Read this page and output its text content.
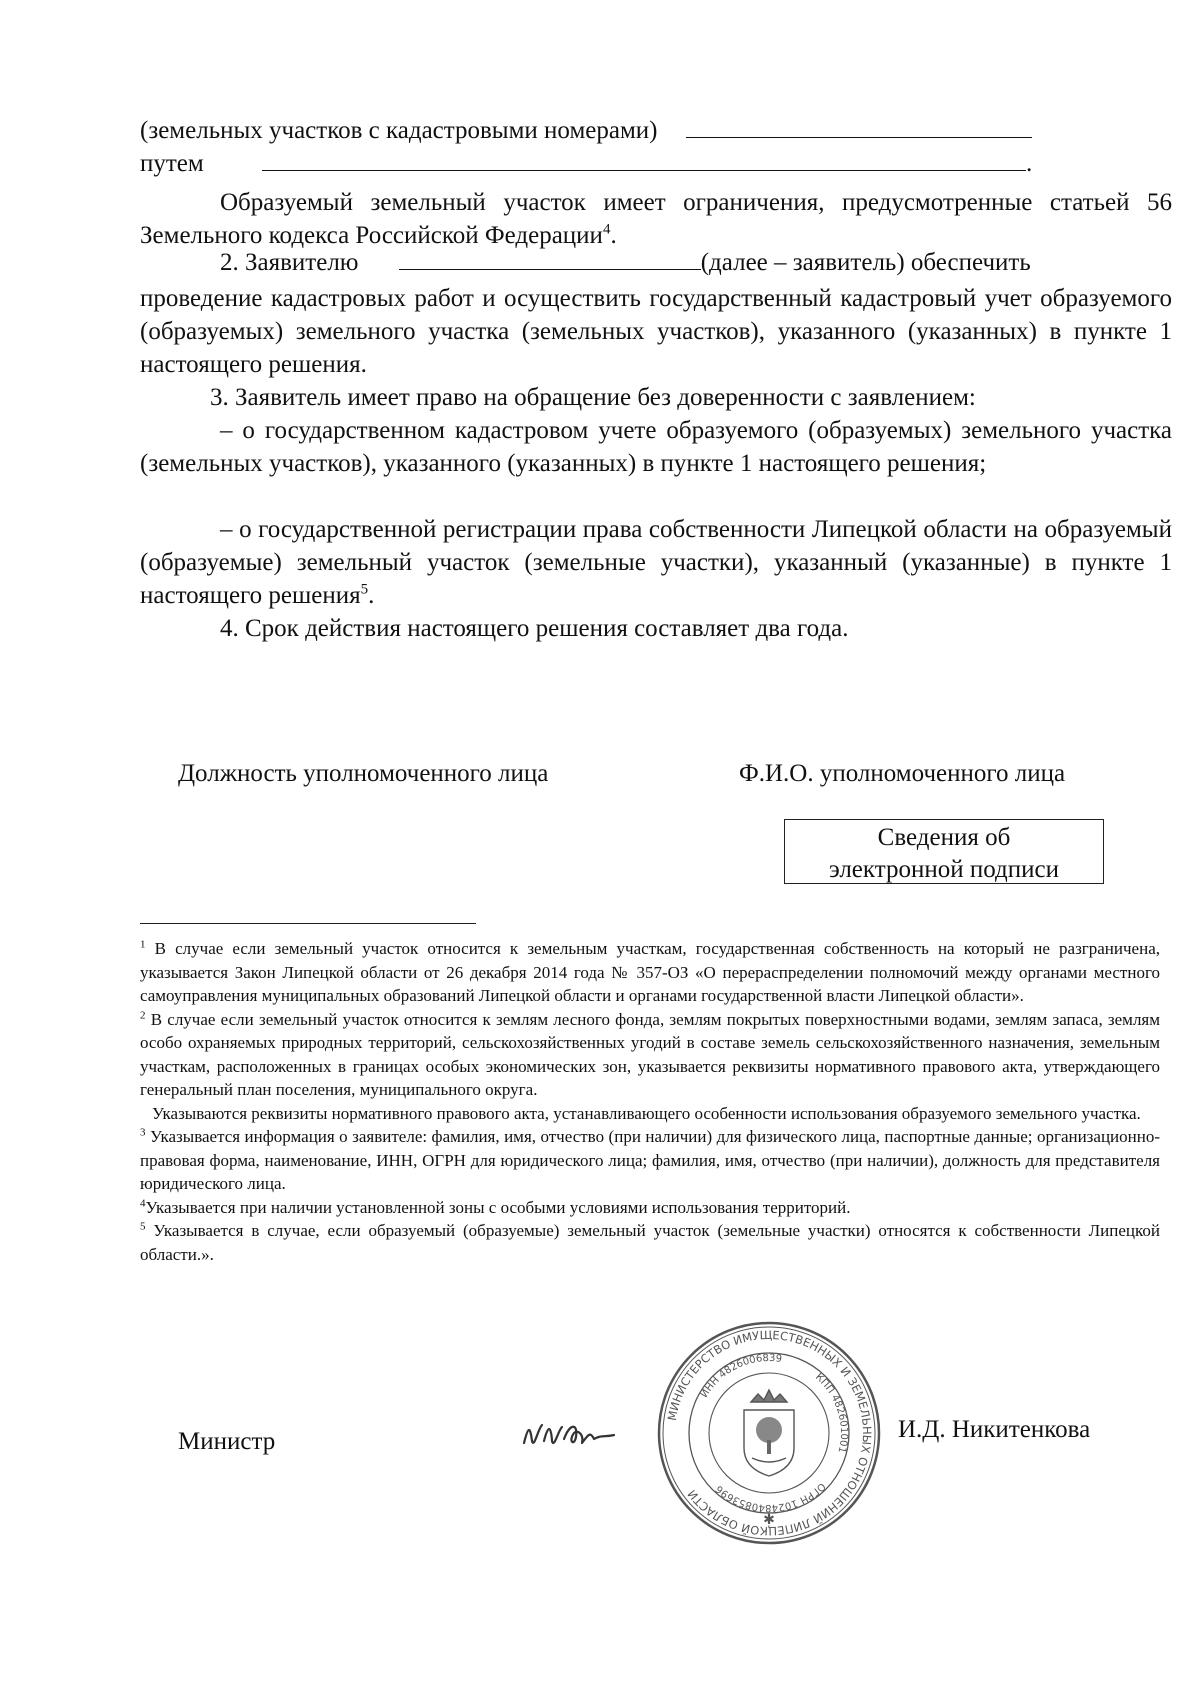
(земельных участков с кадастровыми номерами)
путем	.
Образуемый земельный участок имеет ограничения, предусмотренные статьей 56 Земельного кодекса Российской Федерации$^4$.
2. Заявителю	(далее – заявитель) обеспечить
проведение кадастровых работ и осуществить государственный кадастровый учет образуемого (образуемых) земельного участка (земельных участков), указанного (указанных) в пункте 1 настоящего решения.
3. Заявитель имеет право на обращение без доверенности с заявлением:
– о государственном кадастровом учете образуемого (образуемых) земельного участка (земельных участков), указанного (указанных) в пункте 1 настоящего решения;
– о государственной регистрации права собственности Липецкой области на образуемый (образуемые) земельный участок (земельные участки), указанный (указанные) в пункте 1 настоящего решения$^5$.
4. Срок действия настоящего решения составляет два года.
Должность уполномоченного лица	Ф.И.О. уполномоченного лица
Сведения об
электронной подписи

$^1$ В случае если земельный участок относится к земельным участкам, государственная собственность на который не разграничена, указывается Закон Липецкой области от 26 декабря 2014 года № 357-ОЗ «О перераспределении полномочий между органами местного самоуправления муниципальных образований Липецкой области и органами государственной власти Липецкой области».

$^2$ В случае если земельный участок относится к землям лесного фонда, землям покрытых поверхностными водами, землям запаса, землям особо охраняемых природных территорий, сельскохозяйственных угодий в составе земель сельскохозяйственного назначения, земельным участкам, расположенных в границах особых экономических зон, указывается реквизиты нормативного правового акта, утверждающего генеральный план поселения, муниципального округа.

Указываются реквизиты нормативного правового акта, устанавливающего особенности использования образуемого земельного участка.

$^3$ Указывается информация о заявителе: фамилия, имя, отчество (при наличии) для физического лица, паспортные данные; организационно-правовая форма, наименование, ИНН, ОГРН для юридического лица; фамилия, имя, отчество (при наличии), должность для представителя юридического лица.

$^4$Указывается при наличии установленной зоны с особыми условиями использования территорий.

$^5$ Указывается в случае, если образуемый (образуемые) земельный участок (земельные участки) относятся к собственности Липецкой области.».

Министр	И.Д. Никитенкова
МИНИСТЕРСТВО ИМУЩЕСТВЕННЫХ И ЗЕМЕЛЬНЫХ ОТНОШЕНИЙ ЛИПЕЦКОЙ ОБЛАСТИ
ИНН 4826006839
КПП 482601001
ОГРН 1024840853696
✱
